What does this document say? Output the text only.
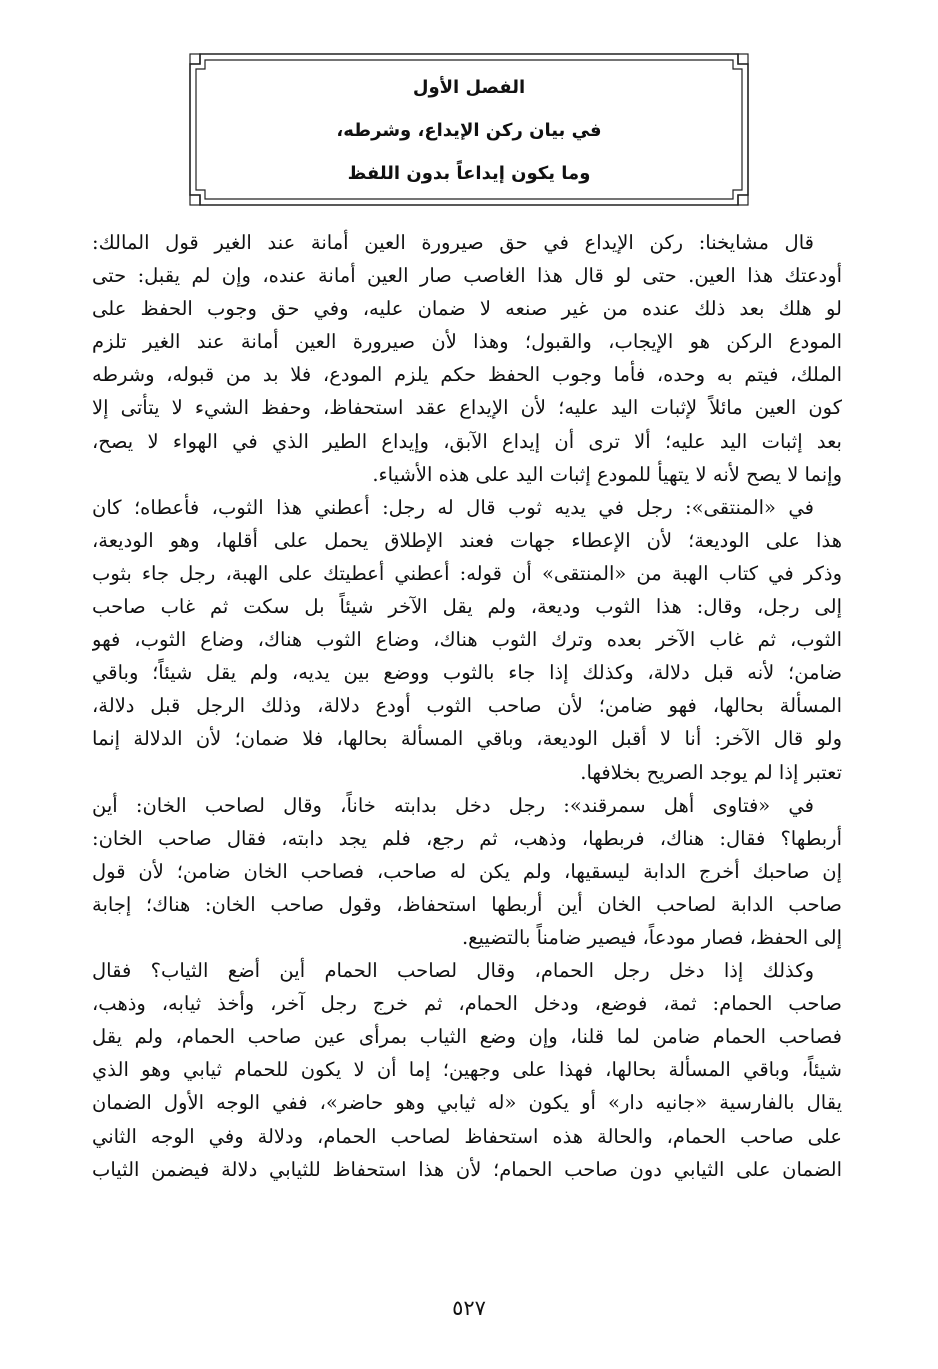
الفصل الأول
في بيان ركن الإيداع، وشرطه،
وما يكون إيداعاً بدون اللفظ
قال مشايخنا: ركن الإيداع في حق صيرورة العين أمانة عند الغير قول المالك:
أودعتك هذا العين. حتى لو قال هذا الغاصب صار العين أمانة عنده، وإن لم يقبل: حتى
لو هلك بعد ذلك عنده من غير صنعه لا ضمان عليه، وفي حق وجوب الحفظ على
المودع الركن هو الإيجاب، والقبول؛ وهذا لأن صيرورة العين أمانة عند الغير تلزم
الملك، فيتم به وحده، فأما وجوب الحفظ حكم يلزم المودع، فلا بد من قبوله، وشرطه
كون العين مائلاً لإثبات اليد عليه؛ لأن الإيداع عقد استحفاظ، وحفظ الشيء لا يتأتى إلا
بعد إثبات اليد عليه؛ ألا ترى أن إيداع الآبق، وإيداع الطير الذي في الهواء لا يصح،
وإنما لا يصح لأنه لا يتهيأ للمودع إثبات اليد على هذه الأشياء.
في «المنتقى»: رجل في يديه ثوب قال له رجل: أعطني هذا الثوب، فأعطاه؛ كان
هذا على الوديعة؛ لأن الإعطاء جهات فعند الإطلاق يحمل على أقلها، وهو الوديعة،
وذكر في كتاب الهبة من «المنتقى» أن قوله: أعطني أعطيتك على الهبة، رجل جاء بثوب
إلى رجل، وقال: هذا الثوب وديعة، ولم يقل الآخر شيئاً بل سكت ثم غاب صاحب
الثوب، ثم غاب الآخر بعده وترك الثوب هناك، وضاع الثوب هناك، وضاع الثوب، فهو
ضامن؛ لأنه قبل دلالة، وكذلك إذا جاء بالثوب ووضع بين يديه، ولم يقل شيئاً؛ وباقي
المسألة بحالها، فهو ضامن؛ لأن صاحب الثوب أودع دلالة، وذلك الرجل قبل دلالة،
ولو قال الآخر: أنا لا أقبل الوديعة، وباقي المسألة بحالها، فلا ضمان؛ لأن الدلالة إنما
تعتبر إذا لم يوجد الصريح بخلافها.
في «فتاوى أهل سمرقند»: رجل دخل بدابته خاناً، وقال لصاحب الخان: أين
أربطها؟ فقال: هناك، فربطها، وذهب، ثم رجع، فلم يجد دابته، فقال صاحب الخان:
إن صاحبك أخرج الدابة ليسقيها، ولم يكن له صاحب، فصاحب الخان ضامن؛ لأن قول
صاحب الدابة لصاحب الخان أين أربطها استحفاظ، وقول صاحب الخان: هناك؛ إجابة
إلى الحفظ، فصار مودعاً، فيصير ضامناً بالتضييع.
وكذلك إذا دخل رجل الحمام، وقال لصاحب الحمام أين أضع الثياب؟ فقال
صاحب الحمام: ثمة، فوضع، ودخل الحمام، ثم خرج رجل آخر، وأخذ ثيابه، وذهب،
فصاحب الحمام ضامن لما قلنا، وإن وضع الثياب بمرأى عين صاحب الحمام، ولم يقل
شيئاً، وباقي المسألة بحالها، فهذا على وجهين؛ إما أن لا يكون للحمام ثيابي وهو الذي
يقال بالفارسية «جانيه دار» أو يكون «له ثيابي وهو حاضر»، ففي الوجه الأول الضمان
على صاحب الحمام، والحالة هذه استحفاظ لصاحب الحمام، ودلالة وفي الوجه الثاني
الضمان على الثيابي دون صاحب الحمام؛ لأن هذا استحفاظ للثيابي دلالة فيضمن الثياب
٥٢٧
